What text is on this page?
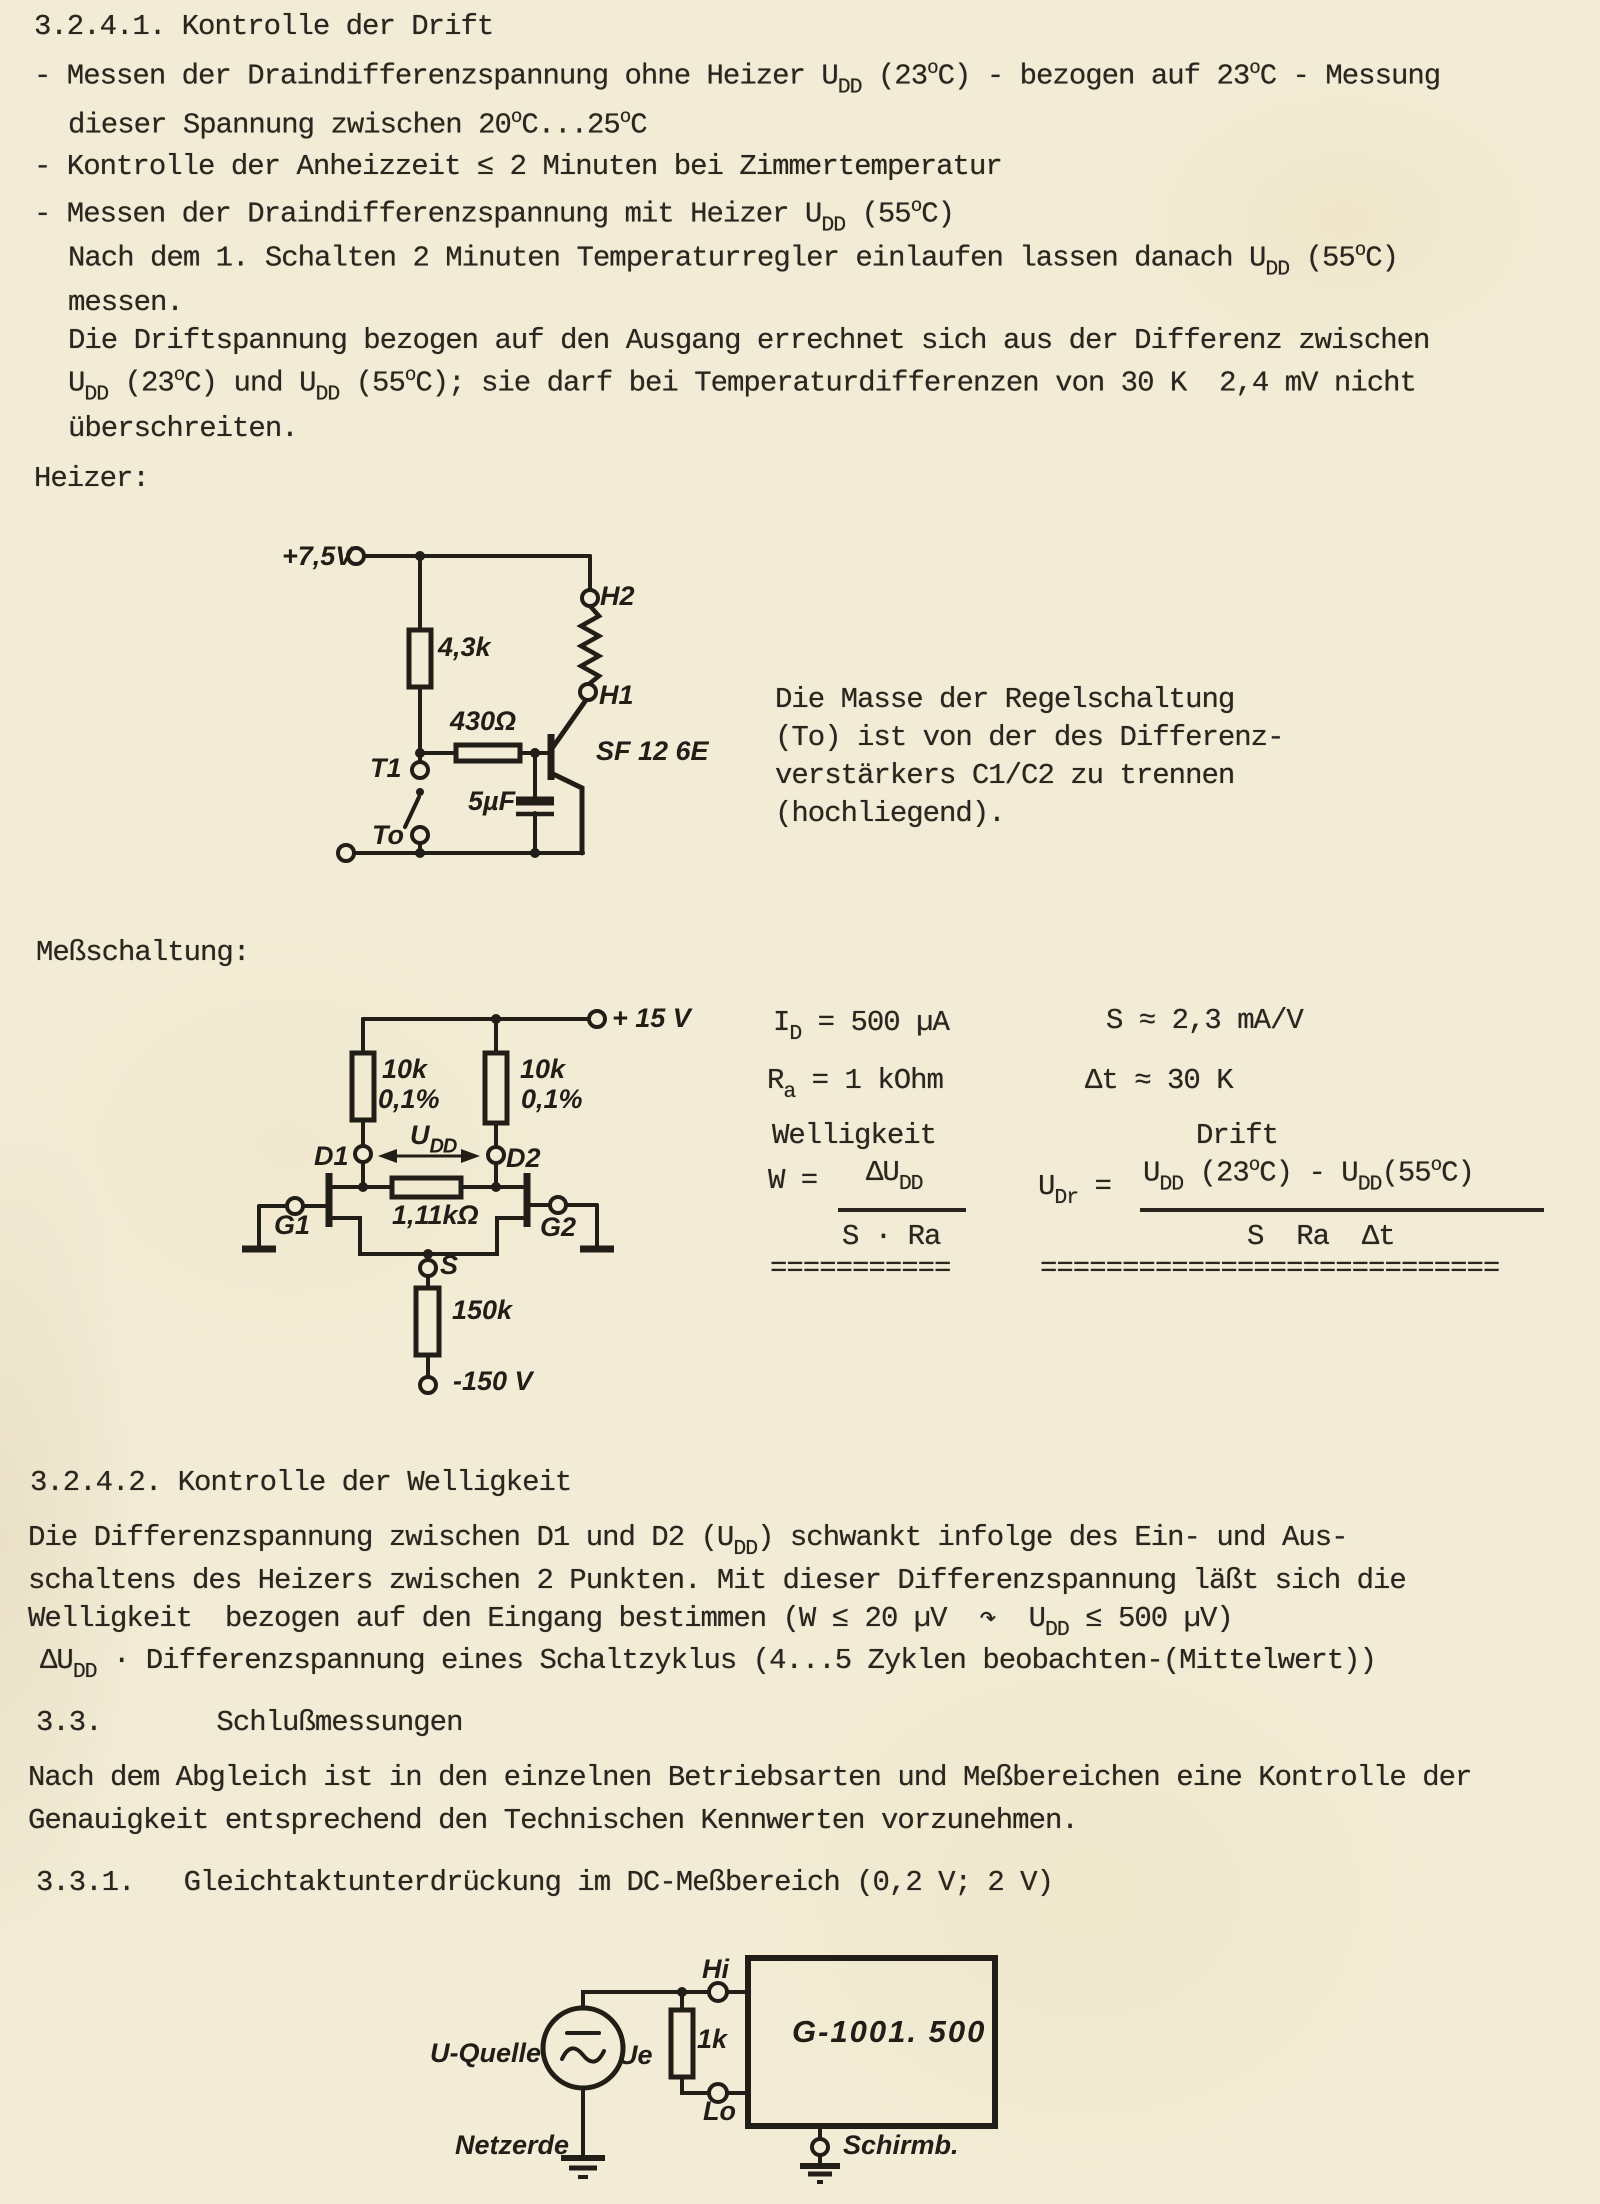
3.2.4.1. Kontrolle der Drift
- Messen der Draindifferenzspannung ohne Heizer $U_{DD}$ (23$^o$C) - bezogen auf 23$^o$C - Messung
dieser Spannung zwischen 20$^o$C...25$^o$C
- Kontrolle der Anheizzeit ≤ 2 Minuten bei Zimmertemperatur
- Messen der Draindifferenzspannung mit Heizer $U_{DD}$ (55$^o$C)
Nach dem 1. Schalten 2 Minuten Temperaturregler einlaufen lassen danach $U_{DD}$ (55$^o$C)
messen.
Die Driftspannung bezogen auf den Ausgang errechnet sich aus der Differenz zwischen
$U_{DD}$ (23$^o$C) und $U_{DD}$ (55$^o$C); sie darf bei Temperaturdifferenzen von 30 K  2,4 mV nicht
überschreiten.
Heizer:
Die Masse der Regelschaltung
(To) ist von der des Differenz-
verstärkers C1/C2 zu trennen
(hochliegend).
Meßschaltung:
$I_D = 500$ µA	S ≈ 2,3 mA/V
$R_a = 1$ kOhm	Δt ≈ 30 K
Welligkeit	Drift
$W = \Delta U_{DD}$
S · Ra
===========
$U_{Dr} = U_{DD}$ $(23^oC) - U_{DD}(55^oC)$
S  Ra  Δt
============================
3.2.4.2. Kontrolle der Welligkeit
Die Differenzspannung zwischen D1 und D2 $(U_{DD})$ schwankt infolge des Ein- und Aus-
schaltens des Heizers zwischen 2 Punkten. Mit dieser Differenzspannung läßt sich die
Welligkeit  bezogen auf den Eingang bestimmen (W ≤ 20 µV  ↷  $U_{DD} \le 500$ µV)
$\Delta U_{DD}$ · Differenzspannung eines Schaltzyklus (4...5 Zyklen beobachten-(Mittelwert))
3.3.       Schlußmessungen
Nach dem Abgleich ist in den einzelnen Betriebsarten und Meßbereichen eine Kontrolle der
Genauigkeit entsprechend den Technischen Kennwerten vorzunehmen.
3.3.1.   Gleichtaktunterdrückung im DC-Meßbereich (0,2 V; 2 V)
+7,5V
H2
H1
4,3k
430Ω
T1
To
5µF
SF 12 6E
+ 15 V
10k
0,1%
10k
0,1%
D1	D2
$U_{DD}$
1,11kΩ
G1	G2
S
150k
-150 V
U-Quelle	Ue
Hi
Lo
1k G-1001. 500
Netzerde	Schirmb.
